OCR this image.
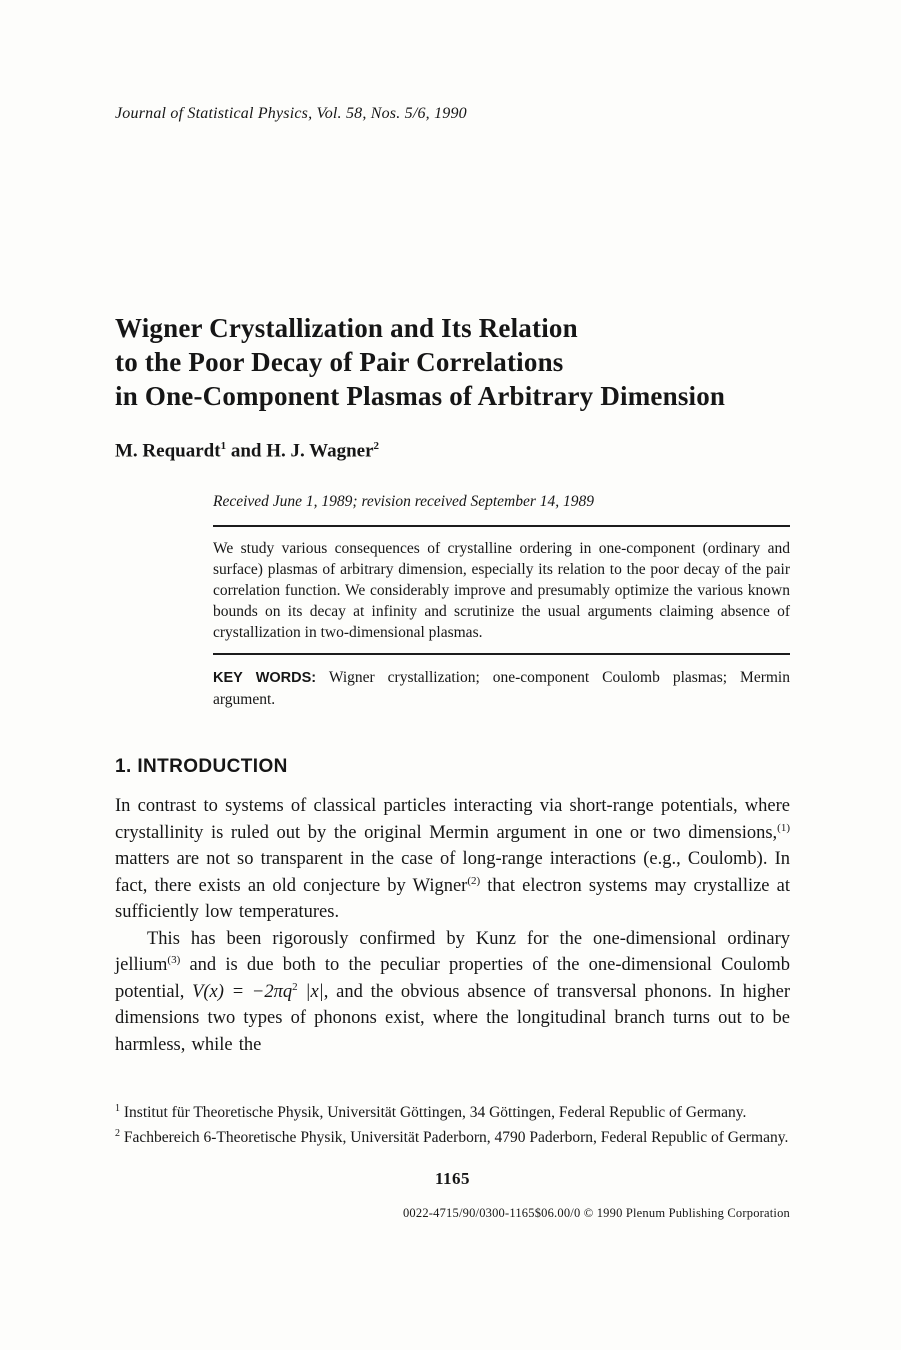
Journal of Statistical Physics, Vol. 58, Nos. 5/6, 1990
Wigner Crystallization and Its Relation
to the Poor Decay of Pair Correlations
in One-Component Plasmas of Arbitrary Dimension
M. Requardt$^1$ and H. J. Wagner$^2$
Received June 1, 1989; revision received September 14, 1989
We study various consequences of crystalline ordering in one-component (ordinary and surface) plasmas of arbitrary dimension, especially its relation to the poor decay of the pair correlation function. We considerably improve and presumably optimize the various known bounds on its decay at infinity and scrutinize the usual arguments claiming absence of crystallization in two-dimensional plasmas.
KEY WORDS: Wigner crystallization; one-component Coulomb plasmas; Mermin argument.
1. INTRODUCTION

In contrast to systems of classical particles interacting via short-range potentials, where crystallinity is ruled out by the original Mermin argument in one or two dimensions,$^{(1)}$ matters are not so transparent in the case of long-range interactions (e.g., Coulomb). In fact, there exists an old conjecture by Wigner$^{(2)}$ that electron systems may crystallize at sufficiently low temperatures.

This has been rigorously confirmed by Kunz for the one-dimensional ordinary jellium$^{(3)}$ and is due both to the peculiar properties of the one-dimensional Coulomb potential, $V(x) = -2\pi q^2$ |x|, and the obvious absence of transversal phonons. In higher dimensions two types of phonons exist, where the longitudinal branch turns out to be harmless, while the

$^1$ Institut für Theoretische Physik, Universität Göttingen, 34 Göttingen, Federal Republic of Germany.
$^2$ Fachbereich 6-Theoretische Physik, Universität Paderborn, 4790 Paderborn, Federal Republic of Germany.
1165
0022-4715/90/0300-1165$06.00/0 © 1990 Plenum Publishing Corporation
